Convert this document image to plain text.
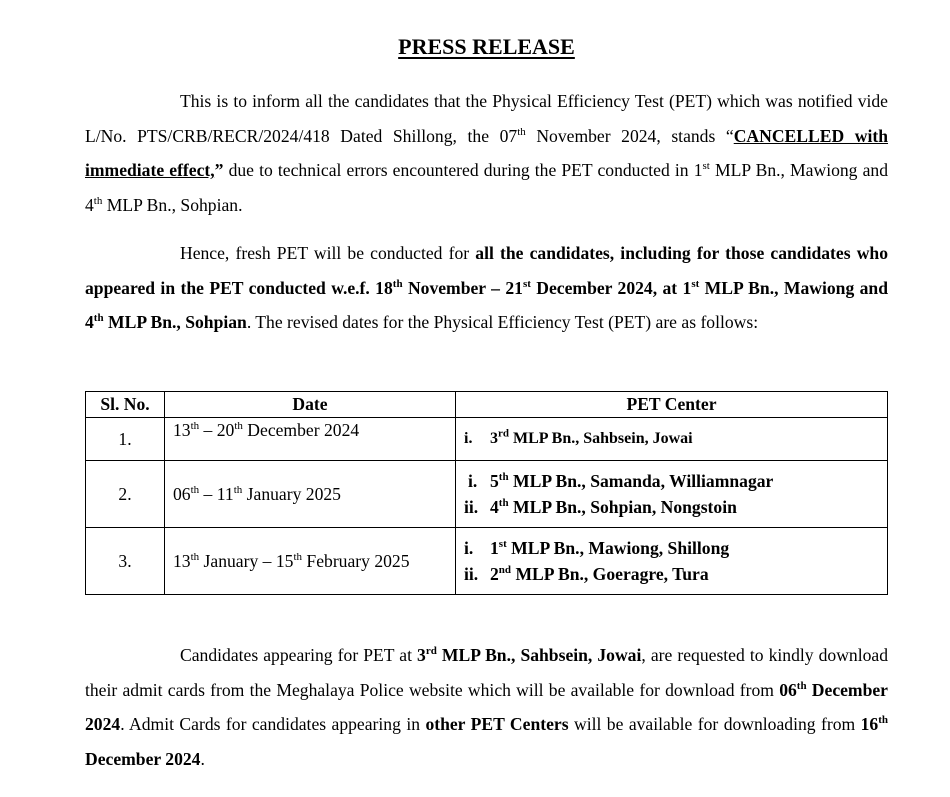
PRESS RELEASE

This is to inform all the candidates that the Physical Efficiency Test (PET) which was notified vide L/No. PTS/CRB/RECR/2024/418 Dated Shillong, the 07th November 2024, stands “CANCELLED with immediate effect,” due to technical errors encountered during the PET conducted in 1st MLP Bn., Mawiong and 4th MLP Bn., Sohpian.

Hence, fresh PET will be conducted for all the candidates, including for those candidates who appeared in the PET conducted w.e.f. 18th November – 21st December 2024, at 1st MLP Bn., Mawiong and 4th MLP Bn., Sohpian. The revised dates for the Physical Efficiency Test (PET) are as follows:

Sl. No.	Date	PET Center
1.	13th – 20th December 2024	i. 3rd MLP Bn., Sahbsein, Jowai

2.	06th – 11th January 2025	i. 5th MLP Bn., Samanda, Williamnagar
ii. 4th MLP Bn., Sohpian, Nongstoin

3.	13th January – 15th February 2025	i. 1st MLP Bn., Mawiong, Shillong
ii. 2nd MLP Bn., Goeragre, Tura

Candidates appearing for PET at 3rd MLP Bn., Sahbsein, Jowai, are requested to kindly download their admit cards from the Meghalaya Police website which will be available for download from 06th December 2024. Admit Cards for candidates appearing in other PET Centers will be available for downloading from 16th December 2024.
